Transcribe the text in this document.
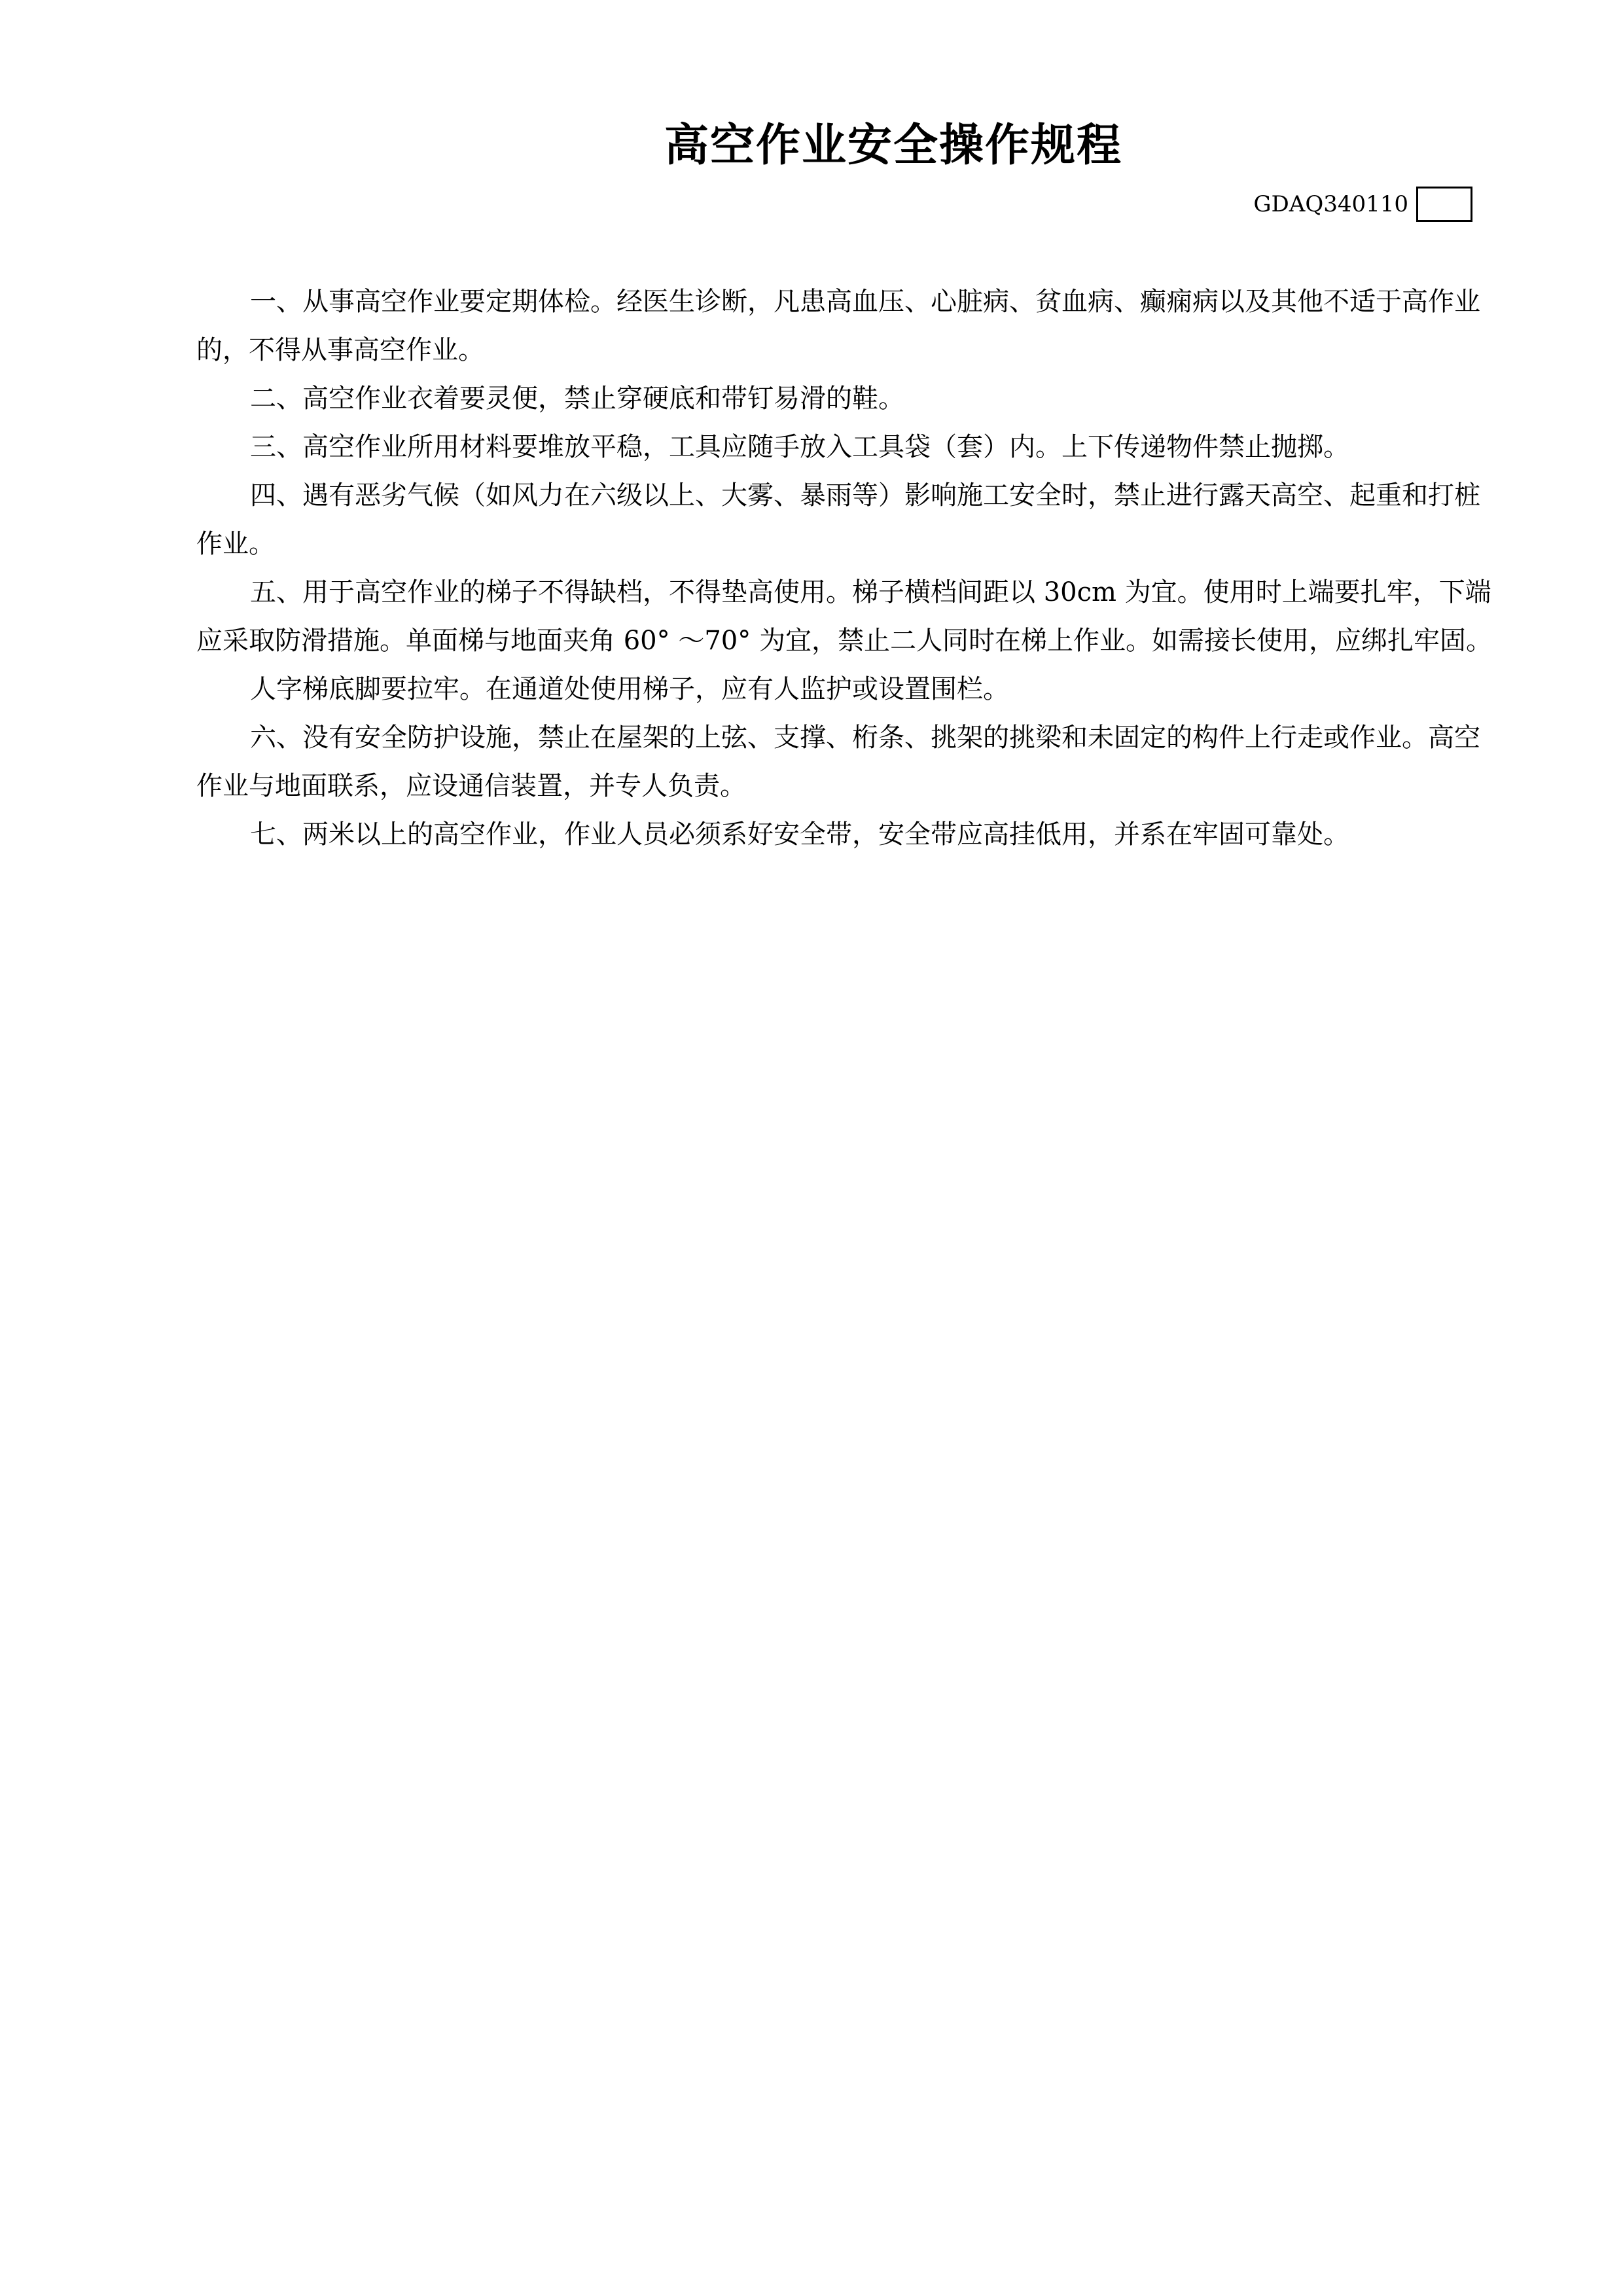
高空作业安全操作规程
GDAQ340110

一、从事高空作业要定期体检。经医生诊断，凡患高血压、心脏病、贫血病、癫痫病以及其他不适于高作业的，不得从事高空作业。

二、高空作业衣着要灵便，禁止穿硬底和带钉易滑的鞋。

三、高空作业所用材料要堆放平稳，工具应随手放入工具袋（套）内。上下传递物件禁止抛掷。

四、遇有恶劣气候（如风力在六级以上、大雾、暴雨等）影响施工安全时，禁止进行露天高空、起重和打桩作业。

五、用于高空作业的梯子不得缺档，不得垫高使用。梯子横档间距以 30cm 为宜。使用时上端要扎牢，下端应采取防滑措施。单面梯与地面夹角 60° ～70° 为宜，禁止二人同时在梯上作业。如需接长使用，应绑扎牢固。

人字梯底脚要拉牢。在通道处使用梯子，应有人监护或设置围栏。

六、没有安全防护设施，禁止在屋架的上弦、支撑、桁条、挑架的挑梁和未固定的构件上行走或作业。高空作业与地面联系，应设通信装置，并专人负责。

七、两米以上的高空作业，作业人员必须系好安全带，安全带应高挂低用，并系在牢固可靠处。
